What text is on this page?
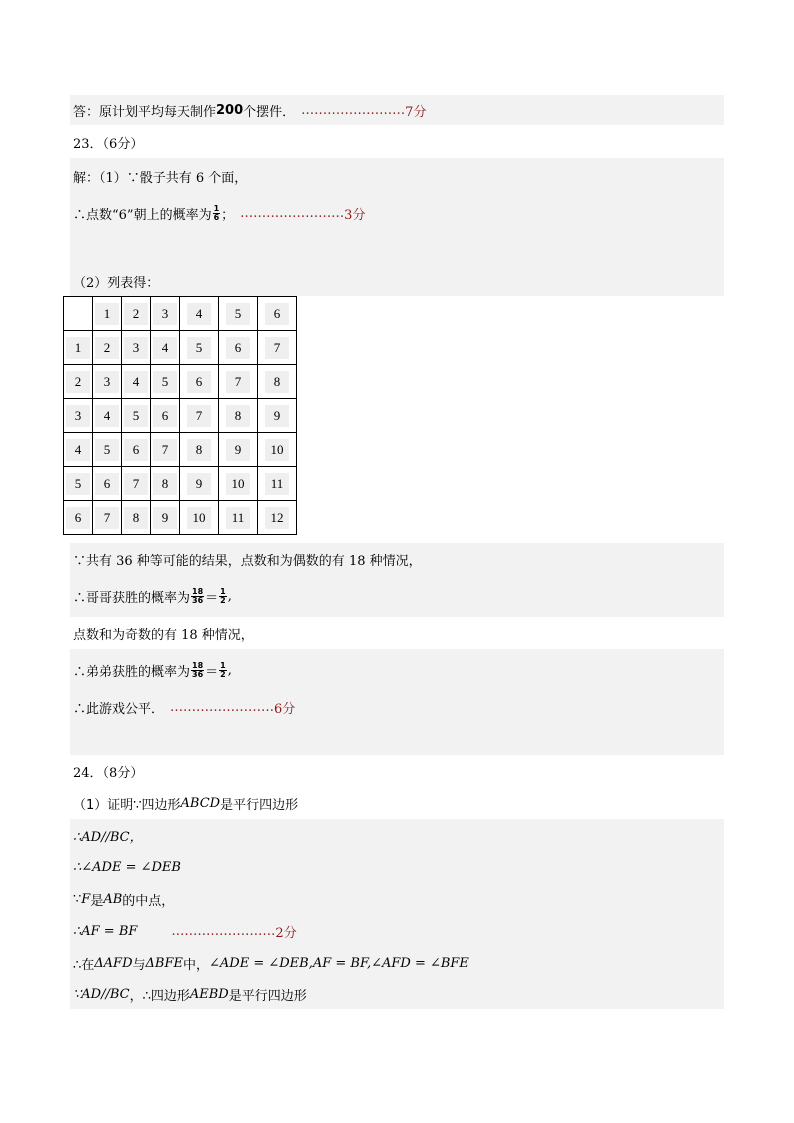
答：原计划平均每天制作 200 个摆件． …………………… 7分
23．（6分）
解：（1）∵骰子共有 6 个面，
∴点数“6”朝上的概率为 $\frac{1}{6}$ ； …………………… 3分
（2）列表得：
	1	2	3	4	5	6
1	2	3	4	5	6	7
2	3	4	5	6	7	8
3	4	5	6	7	8	9
4	5	6	7	8	9	10
5	6	7	8	9	10	11
6	7	8	9	10	11	12
∵共有 36 种等可能的结果，点数和为偶数的有 18 种情况，
∴哥哥获胜的概率为 $\frac{18}{36} = \frac{1}{2}$ ,
点数和为奇数的有 18 种情况，
∴弟弟获胜的概率为 $\frac{18}{36} = \frac{1}{2}$ ,
∴此游戏公平． …………………… 6分
24．（8分）
（1）证明∵四边形 ABCD 是平行四边形
∴AD//BC，
∴∠ADE = ∠DEB
∵ F 是 AB 的中点，
∴AF = BF	…………………… 2分
∴在 ΔAFD 与 ΔBFE 中， ∠ADE = ∠DEB,AF = BF,∠AFD = ∠BFE
∵AD//BC ，∴四边形 AEBD 是平行四边形
